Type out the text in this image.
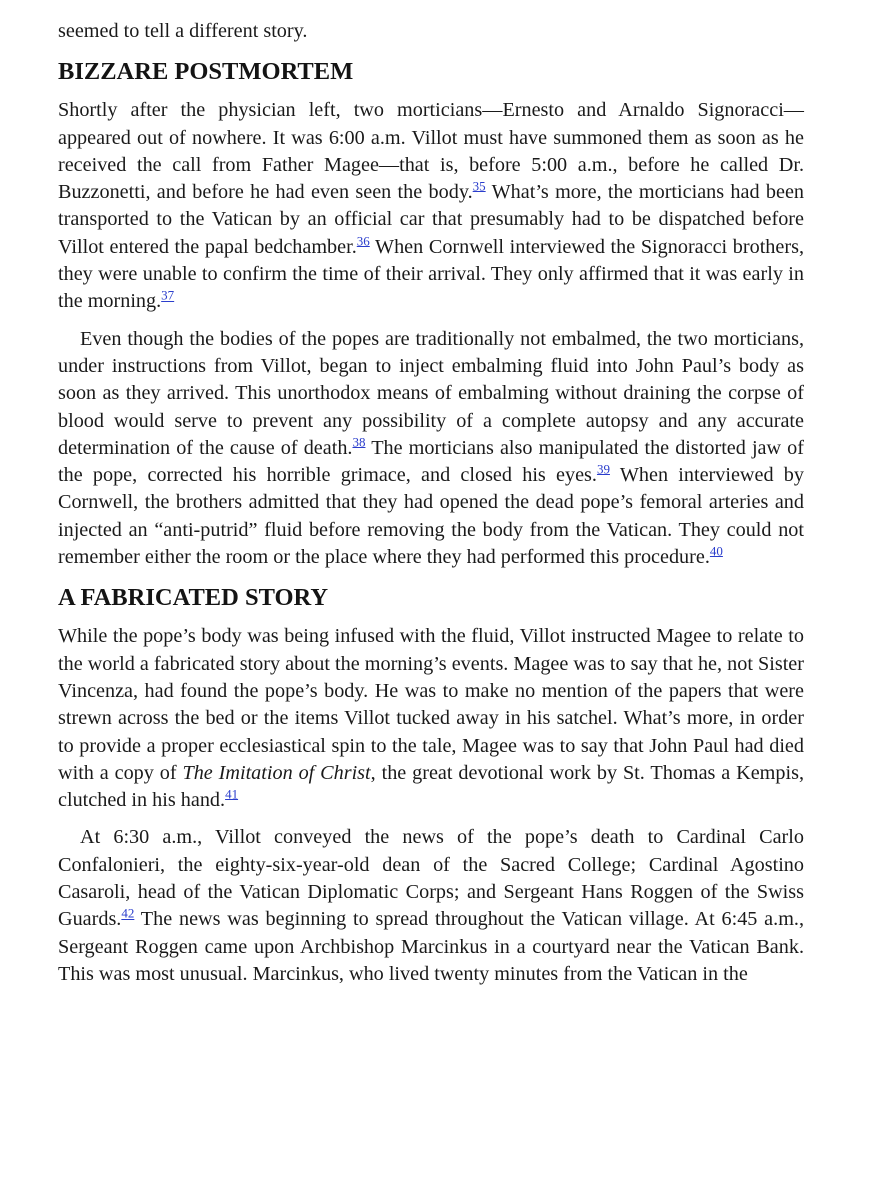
seemed to tell a different story.

BIZZARE POSTMORTEM

Shortly after the physician left, two morticians—Ernesto and Arnaldo Signoracci—appeared out of nowhere. It was 6:00 a.m. Villot must have summoned them as soon as he received the call from Father Magee—that is, before 5:00 a.m., before he called Dr. Buzzonetti, and before he had even seen the body.$^{35}$ What’s more, the morticians had been transported to the Vatican by an official car that presumably had to be dispatched before Villot entered the papal bedchamber.$^{36}$ When Cornwell interviewed the Signoracci brothers, they were unable to confirm the time of their arrival. They only affirmed that it was early in the morning.$^{37}$

Even though the bodies of the popes are traditionally not embalmed, the two morticians, under instructions from Villot, began to inject embalming fluid into John Paul’s body as soon as they arrived. This unorthodox means of embalming without draining the corpse of blood would serve to prevent any possibility of a complete autopsy and any accurate determination of the cause of death.$^{38}$ The morticians also manipulated the distorted jaw of the pope, corrected his horrible grimace, and closed his eyes.$^{39}$ When interviewed by Cornwell, the brothers admitted that they had opened the dead pope’s femoral arteries and injected an “anti-putrid” fluid before removing the body from the Vatican. They could not remember either the room or the place where they had performed this procedure.$^{40}$

A FABRICATED STORY

While the pope’s body was being infused with the fluid, Villot instructed Magee to relate to the world a fabricated story about the morning’s events. Magee was to say that he, not Sister Vincenza, had found the pope’s body. He was to make no mention of the papers that were strewn across the bed or the items Villot tucked away in his satchel. What’s more, in order to provide a proper ecclesiastical spin to the tale, Magee was to say that John Paul had died with a copy of The Imitation of Christ, the great devotional work by St. Thomas a Kempis, clutched in his hand.$^{41}$

At 6:30 a.m., Villot conveyed the news of the pope’s death to Cardinal Carlo Confalonieri, the eighty-six-year-old dean of the Sacred College; Cardinal Agostino Casaroli, head of the Vatican Diplomatic Corps; and Sergeant Hans Roggen of the Swiss Guards.$^{42}$ The news was beginning to spread throughout the Vatican village. At 6:45 a.m., Sergeant Roggen came upon Archbishop Marcinkus in a courtyard near the Vatican Bank. This was most unusual. Marcinkus, who lived twenty minutes from the Vatican in the
